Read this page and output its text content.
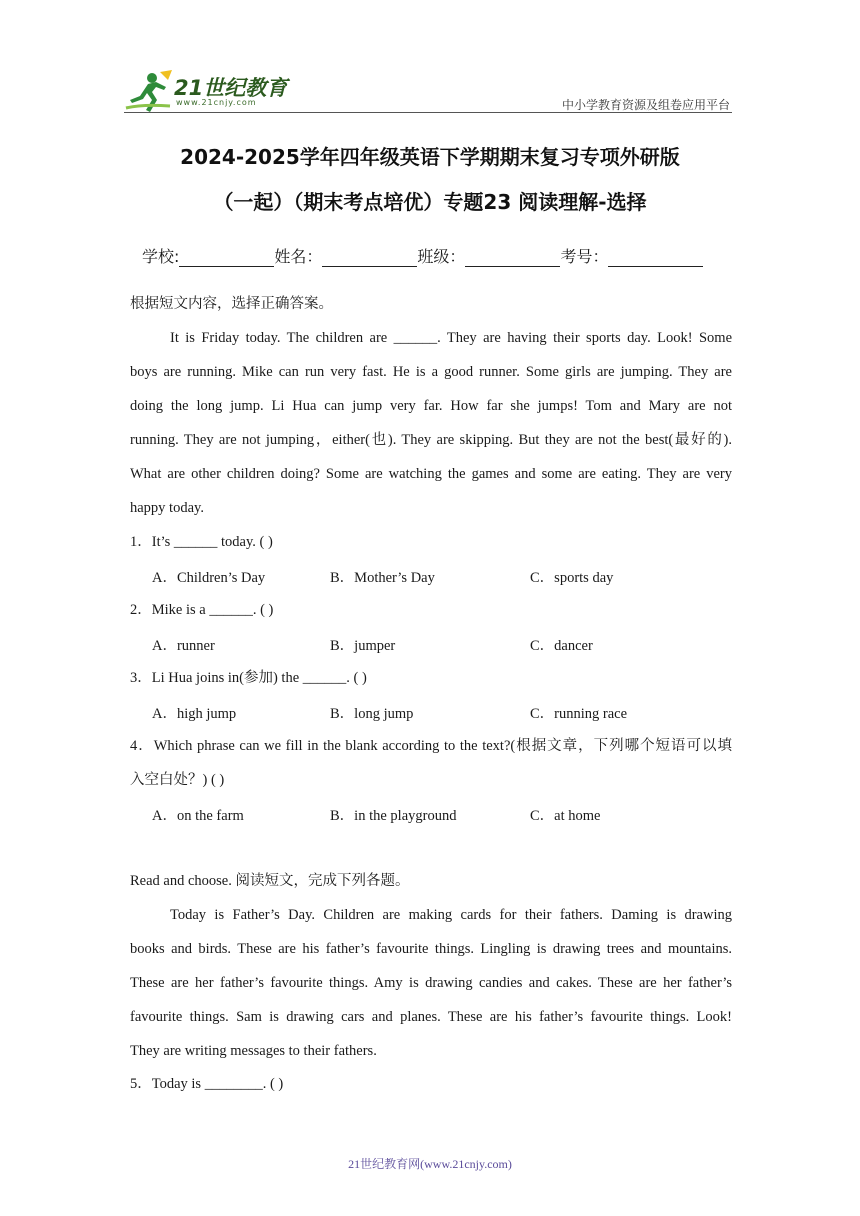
21世纪教育
www.21cnjy.com	中小学教育资源及组卷应用平台
2024-2025学年四年级英语下学期期末复习专项外研版
（一起）（期末考点培优）专题23 阅读理解-选择
学校:	姓名：	班级：	考号：
根据短文内容，选择正确答案。
It is Friday today. The children are ______. They are having their sports day. Look! Some
boys are running. Mike can run very fast. He is a good runner. Some girls are jumping. They are
doing the long jump. Li Hua can jump very far. How far she jumps! Tom and Mary are not
running. They are not jumping，either(也). They are skipping. But they are not the best(最好的).
What are other children doing? Some are watching the games and some are eating. They are very
happy today.
1．It’s ______ today. ( )
A．Children’s Day	B．Mother’s Day	C．sports day
2．Mike is a ______. ( )
A．runner	B．jumper	C．dancer
3．Li Hua joins in(参加) the ______. ( )
A．high jump	B．long jump	C．running race
4．Which phrase can we fill in the blank according to the text?(根据文章，下列哪个短语可以填
入空白处？) ( )
A．on the farm	B．in the playground	C．at home
Read and choose. 阅读短文，完成下列各题。
Today is Father’s Day. Children are making cards for their fathers. Daming is drawing
books and birds. These are his father’s favourite things. Lingling is drawing trees and mountains.
These are her father’s favourite things. Amy is drawing candies and cakes. These are her father’s
favourite things. Sam is drawing cars and planes. These are his father’s favourite things. Look!
They are writing messages to their fathers.
5．Today is ________. ( )
21世纪教育网(www.21cnjy.com)
